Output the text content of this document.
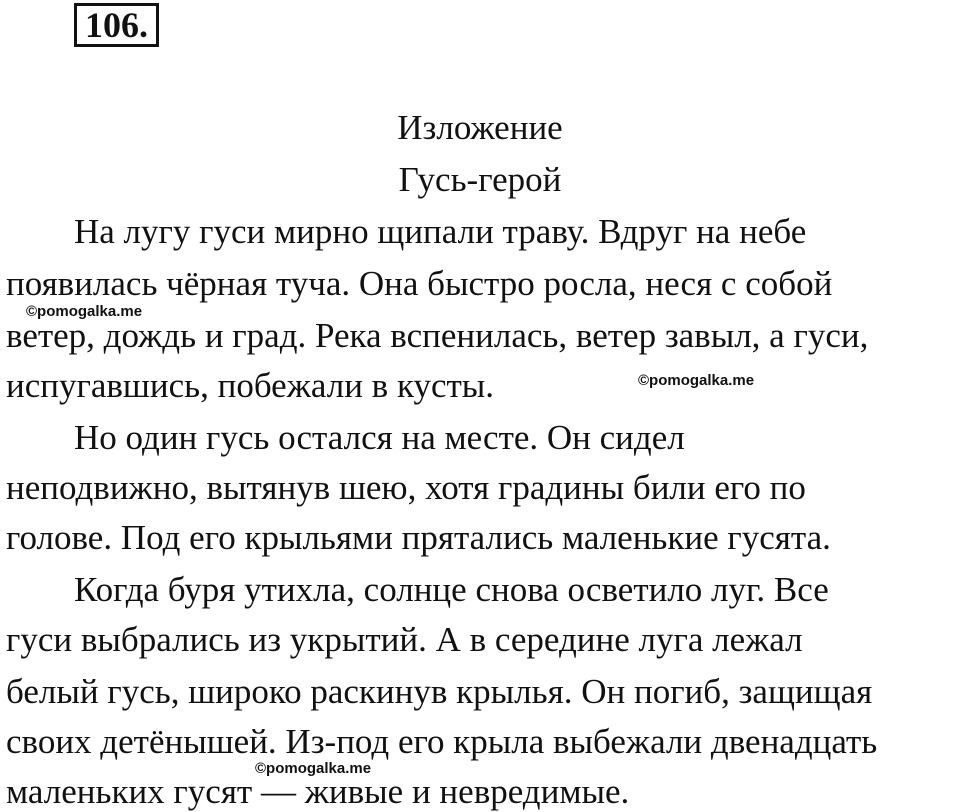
106.
Изложение
Гусь-герой
На лугу гуси мирно щипали траву. Вдруг на небе
появилась чёрная туча. Она быстро росла, неся с собой
ветер, дождь и град. Река вспенилась, ветер завыл, а гуси,
испугавшись, побежали в кусты.
Но один гусь остался на месте. Он сидел
неподвижно, вытянув шею, хотя градины били его по
голове. Под его крыльями прятались маленькие гусята.
Когда буря утихла, солнце снова осветило луг. Все
гуси выбрались из укрытий. А в середине луга лежал
белый гусь, широко раскинув крылья. Он погиб, защищая
своих детёнышей. Из-под его крыла выбежали двенадцать
маленьких гусят — живые и невредимые.
©pomogalka.me
©pomogalka.me
©pomogalka.me
